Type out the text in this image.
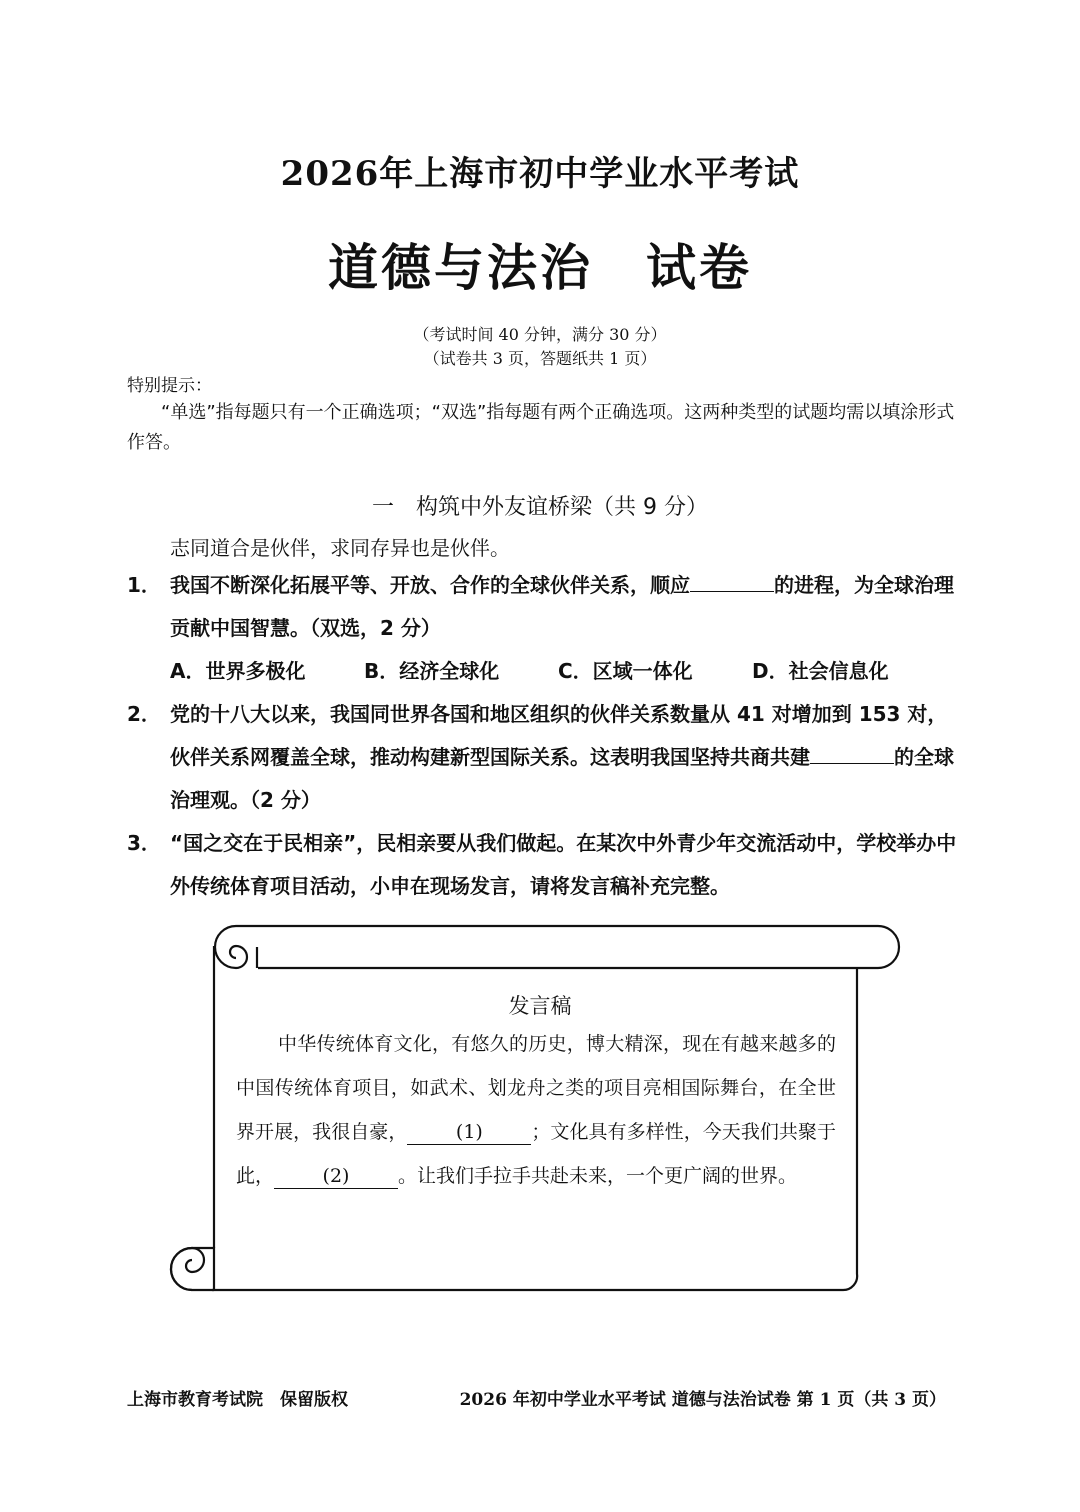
2026年上海市初中学业水平考试
道德与法治　试卷
（考试时间 40 分钟，满分 30 分）
（试卷共 3 页，答题纸共 1 页）
特别提示：
“单选”指每题只有一个正确选项；“双选”指每题有两个正确选项。这两种类型的试题均需以填涂形式作答。
一　构筑中外友谊桥梁（共 9 分）
志同道合是伙伴，求同存异也是伙伴。
1． 我国不断深化拓展平等、开放、合作的全球伙伴关系，顺应	的进程，为全球治理贡献中国智慧。（双选，2 分）
A．世界多极化	B．经济全球化	C．区域一体化	D．社会信息化
2． 党的十八大以来，我国同世界各国和地区组织的伙伴关系数量从 41 对增加到 153 对，伙伴关系网覆盖全球，推动构建新型国际关系。这表明我国坚持共商共建	的全球治理观。（2 分）
3． “国之交在于民相亲”，民相亲要从我们做起。在某次中外青少年交流活动中，学校举办中外传统体育项目活动，小申在现场发言，请将发言稿补充完整。
发言稿
中华传统体育文化，有悠久的历史，博大精深，现在有越来越多的中国传统体育项目，如武术、划龙舟之类的项目亮相国际舞台，在全世界开展，我很自豪，	(1)	；文化具有多样性，今天我们共聚于此，	(2)	。让我们手拉手共赴未来，一个更广阔的世界。
上海市教育考试院　保留版权	2026 年初中学业水平考试 道德与法治试卷 第 1 页（共 3 页）
